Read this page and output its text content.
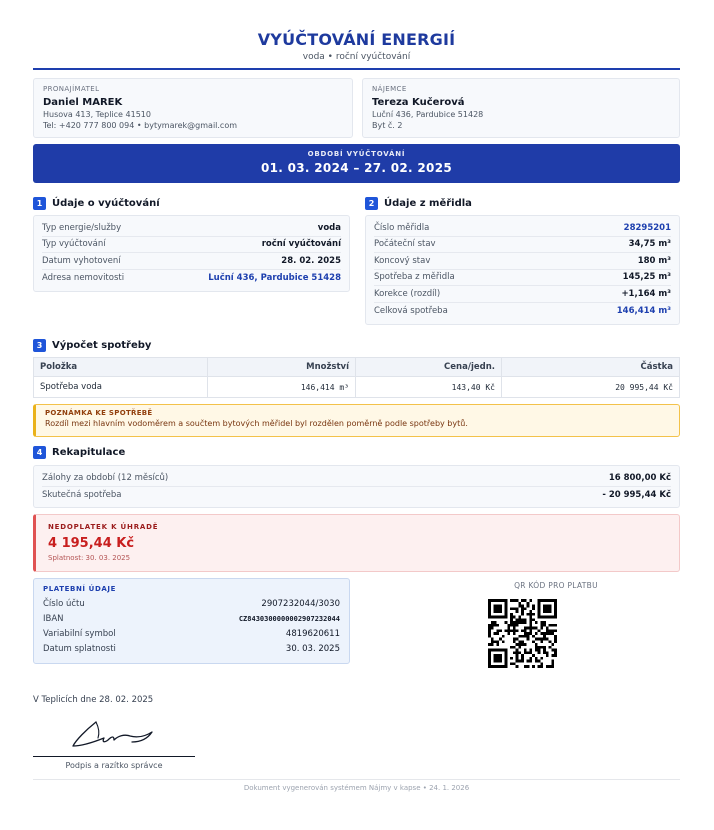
VYÚČTOVÁNÍ ENERGIÍ
voda • roční vyúčtování
PRONAJÍMATEL
Daniel MAREK
Husova 413, Teplice 41510
Tel: +420 777 800 094 • bytymarek@gmail.com
NÁJEMCE
Tereza Kučerová
Luční 436, Pardubice 51428
Byt č. 2
OBDOBÍ VYÚČTOVÁNÍ
01. 03. 2024 – 27. 02. 2025
1 Údaje o vyúčtování
Typ energie/služby	voda
Typ vyúčtování	roční vyúčtování
Datum vyhotovení	28. 02. 2025
Adresa nemovitosti	Luční 436, Pardubice 51428
2 Údaje z měřidla
Číslo měřidla	28295201
Počáteční stav	34,75 m³
Koncový stav	180 m³
Spotřeba z měřidla	145,25 m³
Korekce (rozdíl)	+1,164 m³
Celková spotřeba	146,414 m³
3 Výpočet spotřeby
Položka	Množství	Cena/jedn.	Částka
Spotřeba voda	146,414 m³	143,40 Kč	20 995,44 Kč
POZNÁMKA KE SPOTŘEBĚ
Rozdíl mezi hlavním vodoměrem a součtem bytových měřidel byl rozdělen poměrně podle spotřeby bytů.
4 Rekapitulace
Zálohy za období (12 měsíců)	16 800,00 Kč
Skutečná spotřeba	- 20 995,44 Kč
NEDOPLATEK K ÚHRADĚ
4 195,44 Kč
Splatnost: 30. 03. 2025
PLATEBNÍ ÚDAJE
Číslo účtu	2907232044/3030
IBAN	CZ8430300000002907232044
Variabilní symbol	4819620611
Datum splatnosti	30. 03. 2025
QR KÓD PRO PLATBU
V Teplicích dne 28. 02. 2025
Podpis a razítko správce
Dokument vygenerován systémem Nájmy v kapse • 24. 1. 2026
